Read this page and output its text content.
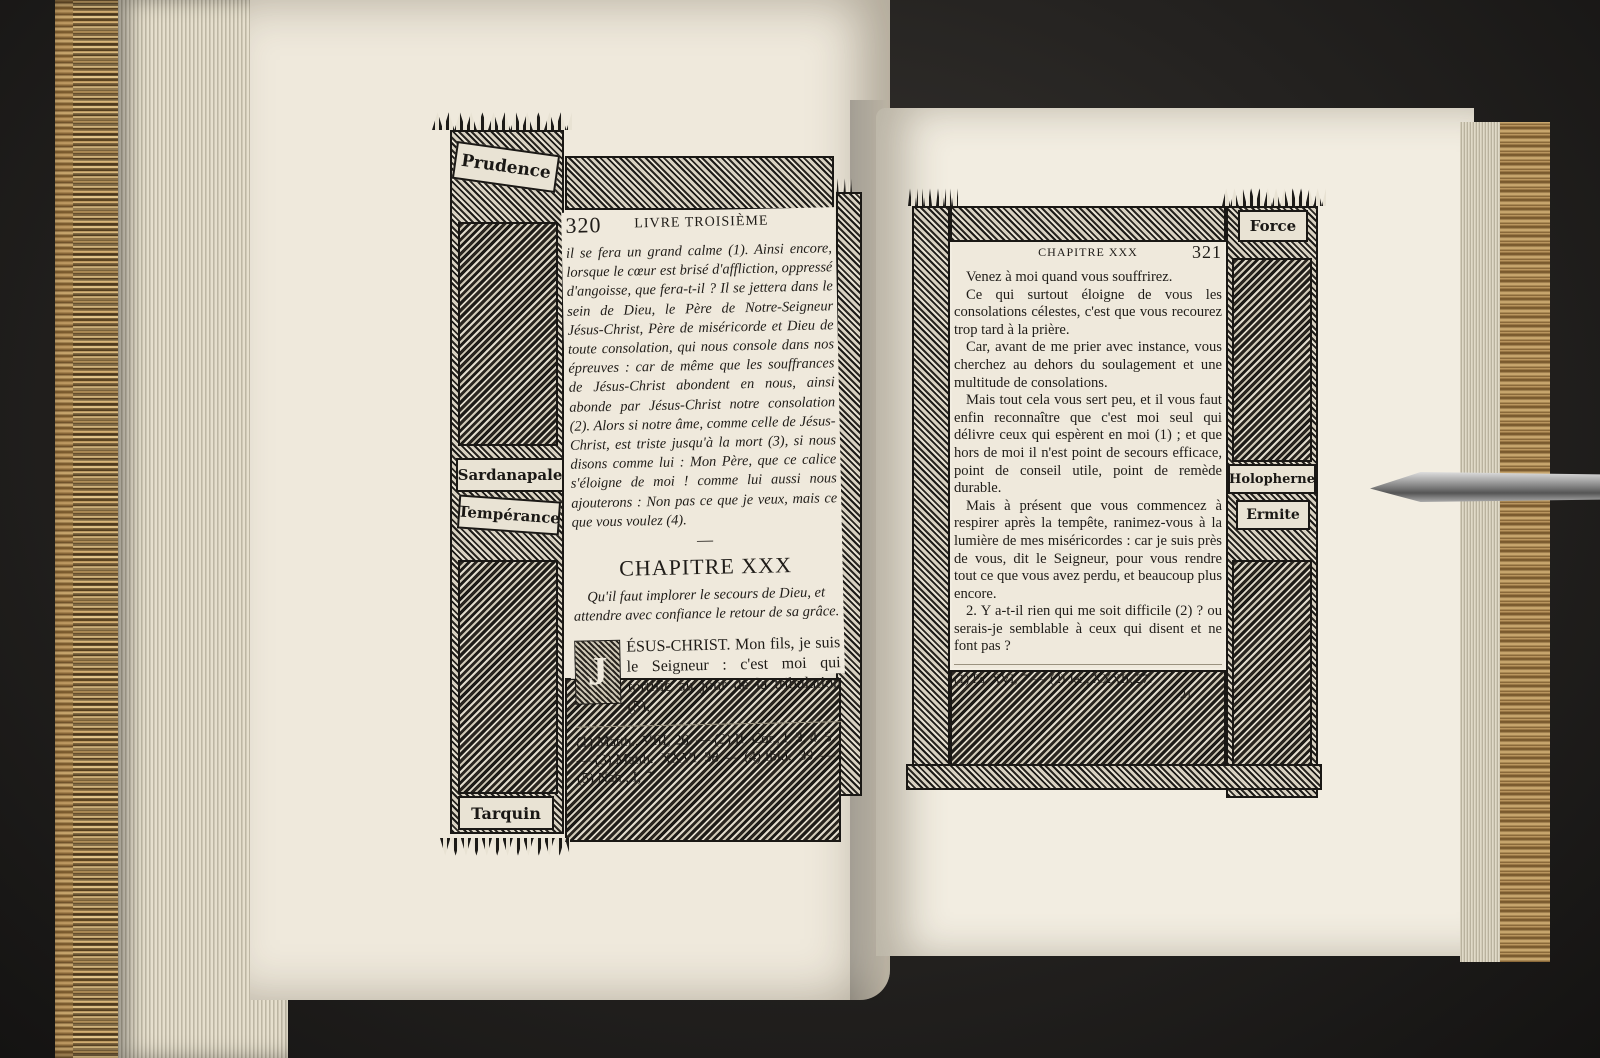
Prudence
Sardanapale
Tempérance
Tarquin
320 LIVRE TROISIÈME

il se fera un grand calme (1). Ainsi encore, lorsque le cœur est brisé d'affliction, oppressé d'angoisse, que fera-t-il ? Il se jettera dans le sein de Dieu, le Père de Notre-Seigneur Jésus-Christ, Père de miséricorde et Dieu de toute consolation, qui nous console dans nos épreuves : car de même que les souffrances de Jésus-Christ abondent en nous, ainsi abonde par Jésus-Christ notre consolation (2). Alors si notre âme, comme celle de Jésus-Christ, est triste jusqu'à la mort (3), si nous disons comme lui : Mon Père, que ce calice s'éloigne de moi ! comme lui aussi nous ajouterons : Non pas ce que je veux, mais ce que vous voulez (4).

—
CHAPITRE XXX
Qu'il faut implorer le secours de Dieu, et attendre avec confiance le retour de sa grâce.
J

ÉSUS-CHRIST. Mon fils, je suis le Seigneur : c'est moi qui fortifie au jour de la tribulation (5).

(1) Matth., VIII, 26. — (2) II. Cor., I, 3, 4, 5. — (3) Matth., XXVI, 38. — (4) Ibid., 39. — (5) Nah., I, 7.
Force
Holopherne
Ermite
CHAPITRE XXX	321

Venez à moi quand vous souffrirez.

Ce qui surtout éloigne de vous les consolations célestes, c'est que vous recourez trop tard à la prière.

Car, avant de me prier avec instance, vous cherchez au dehors du soulagement et une multitude de consolations.

Mais tout cela vous sert peu, et il vous faut enfin reconnaître que c'est moi seul qui délivre ceux qui espèrent en moi (1) ; et que hors de moi il n'est point de secours efficace, point de conseil utile, point de remède durable.

Mais à présent que vous commencez à respirer après la tempête, ranimez-vous à la lumière de mes miséricordes : car je suis près de vous, dit le Seigneur, pour vous rendre tout ce que vous avez perdu, et beaucoup plus encore.

2. Y a-t-il rien qui me soit difficile (2) ? ou serais-je semblable à ceux qui disent et ne font pas ?

(1) Ps. XVI, 7. — (2) Jer., XXXII, 27.
21
